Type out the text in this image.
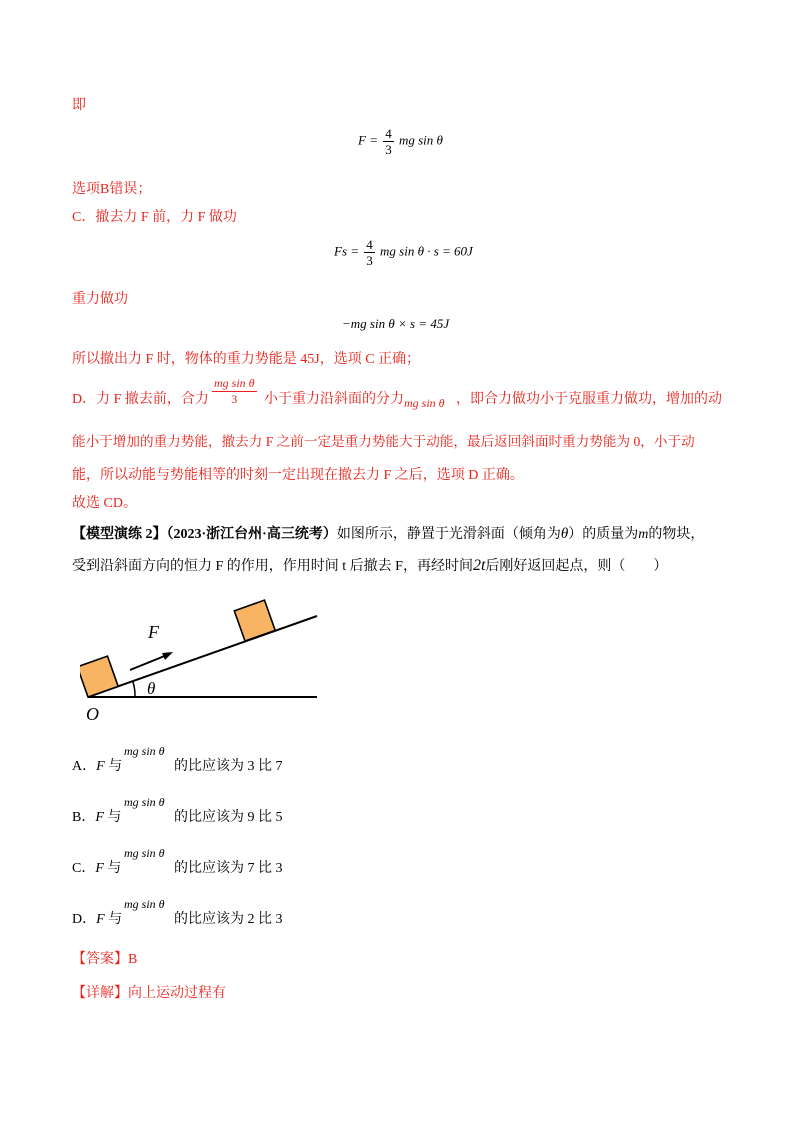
即
$F = \frac{4}{3}$ mg sin θ
选项B错误；
C．撤去力 F 前，力 F 做功
$Fs = \frac{4}{3}$ mg sin θ · s = 60J
重力做功
−mg sin θ × s = 45J
所以撤出力 F 时，物体的重力势能是 45J，选项 C 正确；
D．力 F 撤去前，合力 $\frac{\text{mg sin θ}}{3}$ 小于重力沿斜面的分力 mg sin θ ，即合力做功小于克服重力做功，增加的动
能小于增加的重力势能，撤去力 F 之前一定是重力势能大于动能，最后返回斜面时重力势能为 0，小于动
能，所以动能与势能相等的时刻一定出现在撤去力 F 之后，选项 D 正确。
故选 CD。
【模型演练 2】（2023·浙江台州·高三统考）如图所示，静置于光滑斜面（倾角为θ）的质量为m的物块，
受到沿斜面方向的恒力 F 的作用，作用时间 t 后撤去 F，再经时间2t后刚好返回起点，则（　　）
F
θ
O
A．F 与
mg sin θ
的比应该为 3 比 7
B．F 与
mg sin θ
的比应该为 9 比 5
C．F 与
mg sin θ
的比应该为 7 比 3
D．F 与
mg sin θ
的比应该为 2 比 3
【答案】B
【详解】向上运动过程有
